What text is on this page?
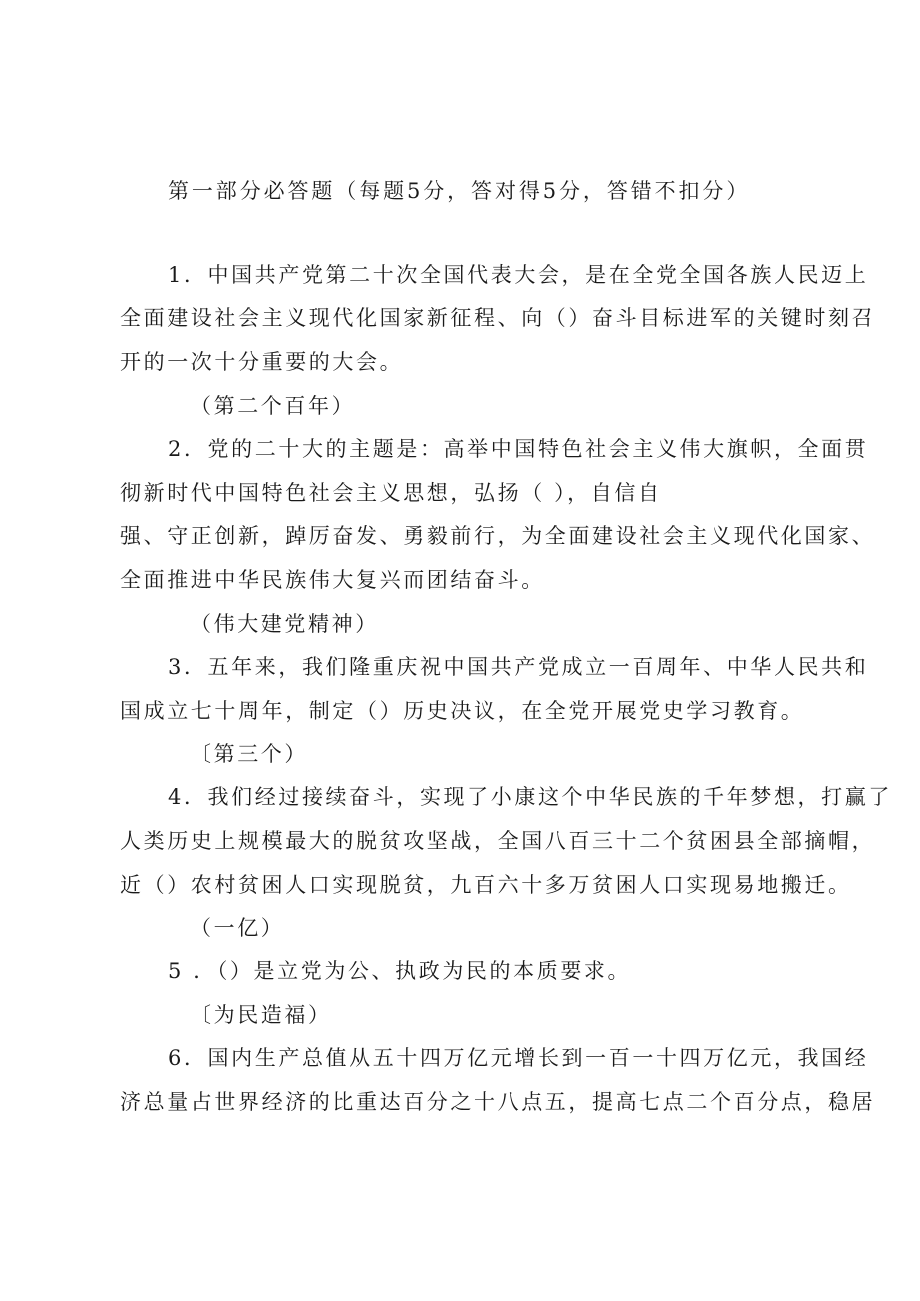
第一部分必答题（每题5分，答对得5分，答错不扣分）
1．中国共产党第二十次全国代表大会，是在全党全国各族人民迈上
全面建设社会主义现代化国家新征程、向（）奋斗目标进军的关键时刻召
开的一次十分重要的大会。
（第二个百年）
2．党的二十大的主题是：高举中国特色社会主义伟大旗帜，全面贯
彻新时代中国特色社会主义思想，弘扬（ ），自信自
强、守正创新，踔厉奋发、勇毅前行，为全面建设社会主义现代化国家、
全面推进中华民族伟大复兴而团结奋斗。
（伟大建党精神）
3．五年来，我们隆重庆祝中国共产党成立一百周年、中华人民共和
国成立七十周年，制定（）历史决议，在全党开展党史学习教育。
〔第三个）
4．我们经过接续奋斗，实现了小康这个中华民族的千年梦想，打赢了
人类历史上规模最大的脱贫攻坚战，全国八百三十二个贫困县全部摘帽，
近（）农村贫困人口实现脱贫，九百六十多万贫困人口实现易地搬迁。
（一亿）
5 ．（）是立党为公、执政为民的本质要求。
〔为民造福）
6．国内生产总值从五十四万亿元增长到一百一十四万亿元，我国经
济总量占世界经济的比重达百分之十八点五，提高七点二个百分点，稳居
